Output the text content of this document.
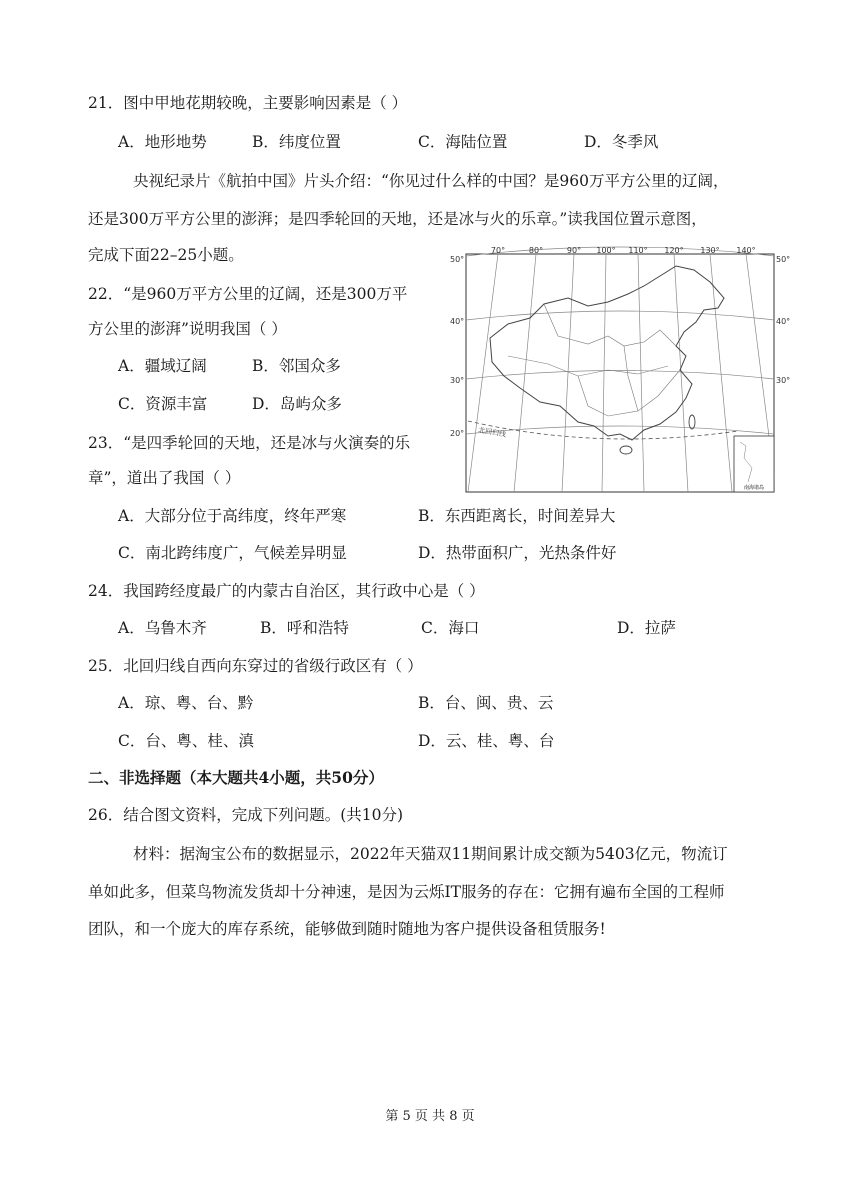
21．图中甲地花期较晚，主要影响因素是（ ）
A．地形地势	B．纬度位置	C．海陆位置	D．冬季风
央视纪录片《航拍中国》片头介绍：“你见过什么样的中国？是960万平方公里的辽阔，
还是300万平方公里的澎湃；是四季轮回的天地，还是冰与火的乐章。”读我国位置示意图，
完成下面22–25小题。
22．“是960万平方公里的辽阔，还是300万平
方公里的澎湃”说明我国（ ）
A．疆域辽阔	B．邻国众多
C．资源丰富	D．岛屿众多
23．“是四季轮回的天地，还是冰与火演奏的乐
章”，道出了我国（ ）
A．大部分位于高纬度，终年严寒	B．东西距离长，时间差异大
C．南北跨纬度广，气候差异明显	D．热带面积广，光热条件好
24．我国跨经度最广的内蒙古自治区，其行政中心是（ ）
A．乌鲁木齐	B．呼和浩特	C．海口	D．拉萨
25．北回归线自西向东穿过的省级行政区有（ ）
A．琼、粤、台、黔	B．台、闽、贵、云
C．台、粤、桂、滇	D．云、桂、粤、台
二、非选择题（本大题共4小题，共50分）
26．结合图文资料，完成下列问题。(共10分)
材料：据淘宝公布的数据显示，2022年天猫双11期间累计成交额为5403亿元，物流订
单如此多，但菜鸟物流发货却十分神速，是因为云烁IT服务的存在：它拥有遍布全国的工程师
团队，和一个庞大的库存系统，能够做到随时随地为客户提供设备租赁服务!
南海诸岛
70°	80°	90° 100° 110° 120° 130° 140°
50°
40°
30°
20°
50°
40°
30°
北回归线
第 5 页 共 8 页
